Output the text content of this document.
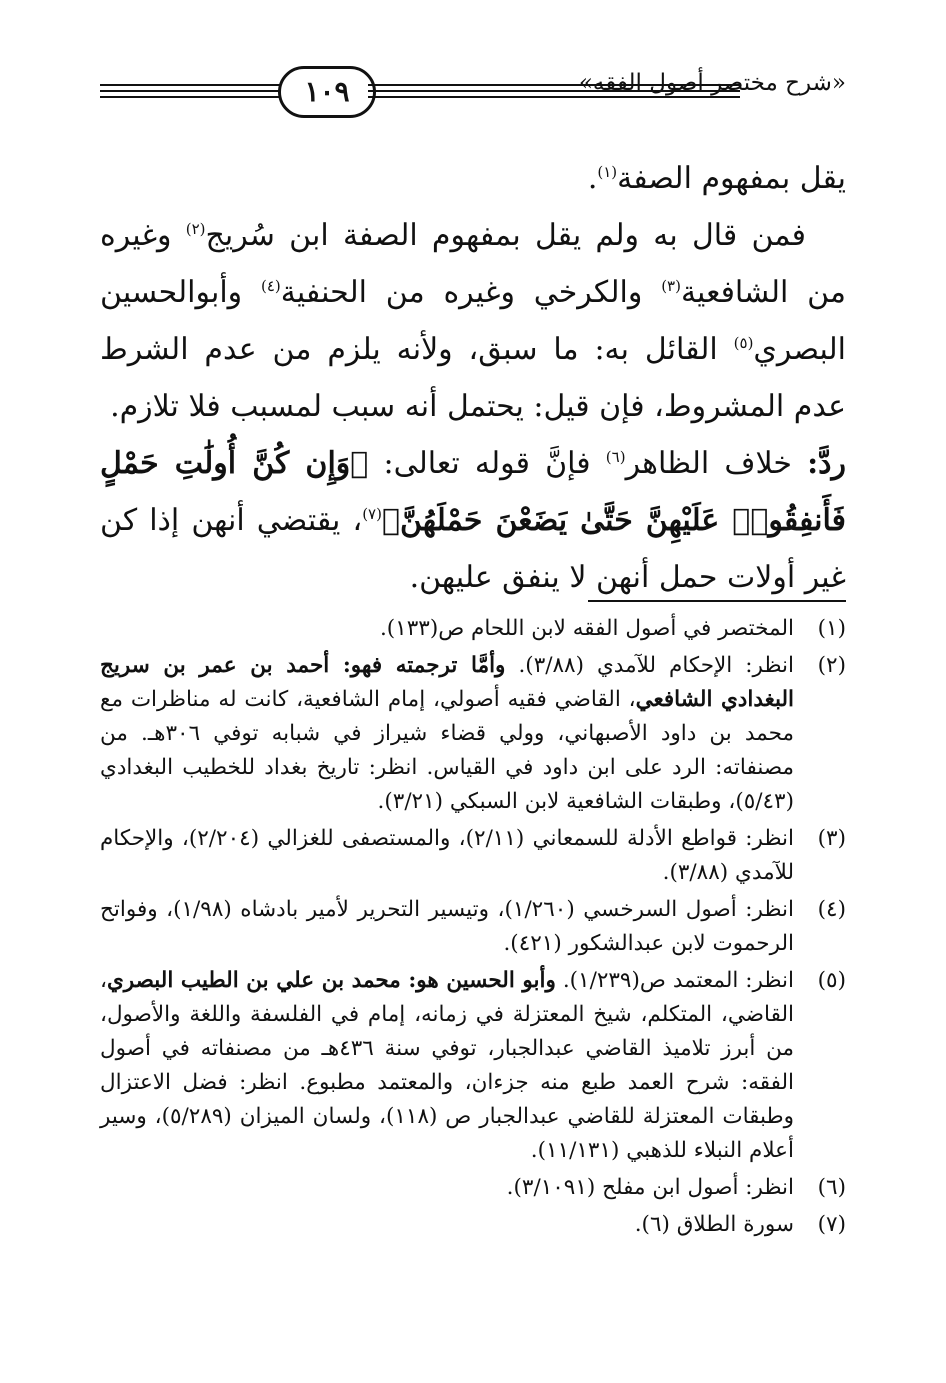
١٠٩	«شرح مختصر أصول الفقه»

يقل بمفهوم الصفة$^{(١)}$.

فمن قال به ولم يقل بمفهوم الصفة ابن سُريج$^{(٢)}$ وغيره من الشافعية$^{(٣)}$ والكرخي وغيره من الحنفية$^{(٤)}$ وأبوالحسين البصري$^{(٥)}$ القائل به: ما سبق، ولأنه يلزم من عدم الشرط عدم المشروط، فإن قيل: يحتمل أنه سبب لمسبب فلا تلازم.

ردَّ: خلاف الظاهر$^{(٦)}$ فإنَّ قوله تعالى: ﴿وَإِن كُنَّ أُولَٰتِ حَمْلٍ فَأَنفِقُوا۟ عَلَيْهِنَّ حَتَّىٰ يَضَعْنَ حَمْلَهُنَّ﴾$^{(٧)}$، يقتضي أنهن إذا كن غير أولات حمل أنهن لا ينفق عليهن.

(١)
المختصر في أصول الفقه لابن اللحام ص(١٣٣).
(٢)
انظر: الإحكام للآمدي (٣/٨٨). وأمَّا ترجمته فهو: أحمد بن عمر بن سريج البغدادي الشافعي، القاضي فقيه أصولي، إمام الشافعية، كانت له مناظرات مع محمد بن داود الأصبهاني، وولي قضاء شيراز في شبابه توفي ٣٠٦هـ. من مصنفاته: الرد على ابن داود في القياس. انظر: تاريخ بغداد للخطيب البغدادي (٥/٤٣)، وطبقات الشافعية لابن السبكي (٣/٢١).
(٣)
انظر: قواطع الأدلة للسمعاني (٢/١١)، والمستصفى للغزالي (٢/٢٠٤)، والإحكام للآمدي (٣/٨٨).
(٤)
انظر: أصول السرخسي (١/٢٦٠)، وتيسير التحرير لأمير بادشاه (١/٩٨)، وفواتح الرحموت لابن عبدالشكور (٤٢١).
(٥)
انظر: المعتمد ص(١/٢٣٩). وأبو الحسين هو: محمد بن علي بن الطيب البصري، القاضي، المتكلم، شيخ المعتزلة في زمانه، إمام في الفلسفة واللغة والأصول، من أبرز تلاميذ القاضي عبدالجبار، توفي سنة ٤٣٦هـ من مصنفاته في أصول الفقه: شرح العمد طبع منه جزءان، والمعتمد مطبوع. انظر: فضل الاعتزال وطبقات المعتزلة للقاضي عبدالجبار ص (١١٨)، ولسان الميزان (٥/٢٨٩)، وسير أعلام النبلاء للذهبي (١١/١٣١).
(٦)
انظر: أصول ابن مفلح (٣/١٠٩١).
(٧)
سورة الطلاق (٦).
